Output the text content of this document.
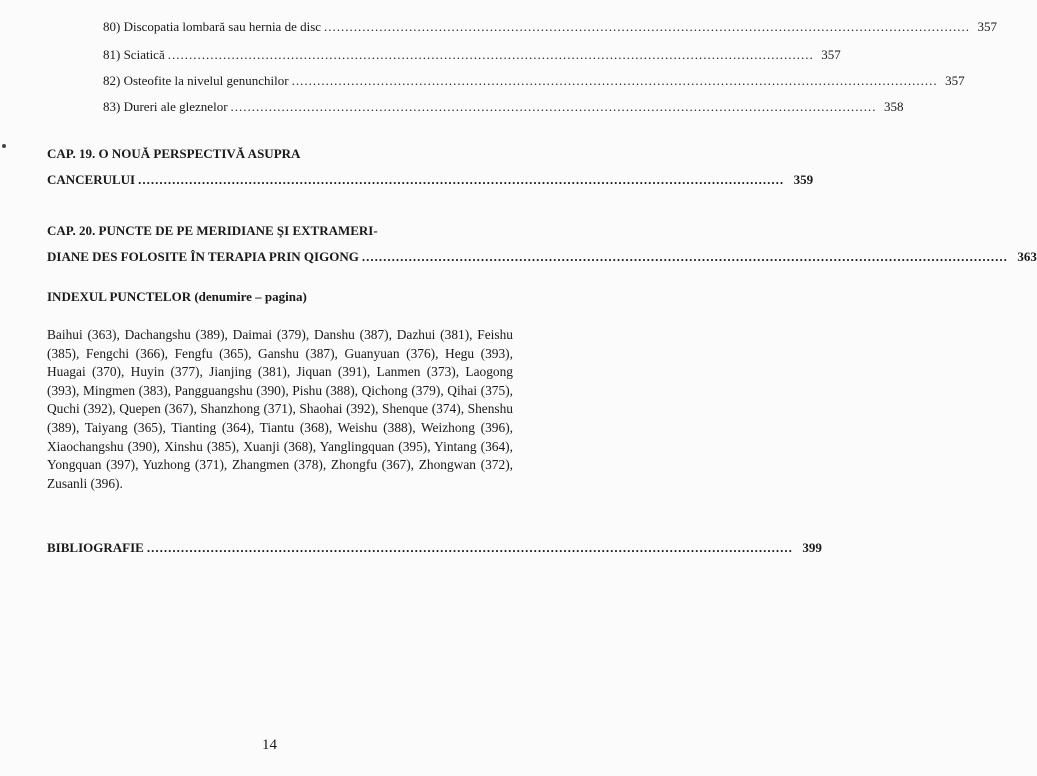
80) Discopatia lombară sau hernia de disc ........................................................................................................................................................ 357
81) Sciatică ........................................................................................................................................................ 357
82) Osteofite la nivelul genunchilor ........................................................................................................................................................ 357
83) Dureri ale gleznelor ........................................................................................................................................................ 358
CAP. 19. O NOUĂ PERSPECTIVĂ ASUPRA
CANCERULUI ........................................................................................................................................................ 359
CAP. 20. PUNCTE DE PE MERIDIANE ŞI EXTRAMERI-
DIANE DES FOLOSITE ÎN TERAPIA PRIN QIGONG ........................................................................................................................................................ 363
INDEXUL PUNCTELOR (denumire – pagina)
Baihui (363), Dachangshu (389), Daimai (379), Danshu (387), Dazhui (381), Feishu (385), Fengchi (366), Fengfu (365), Ganshu (387), Guanyuan (376), Hegu (393), Huagai (370), Huyin (377), Jianjing (381), Jiquan (391), Lanmen (373), Laogong (393), Mingmen (383), Pangguangshu (390), Pishu (388), Qichong (379), Qihai (375), Quchi (392), Quepen (367), Shanzhong (371), Shaohai (392), Shenque (374), Shenshu (389), Taiyang (365), Tianting (364), Tiantu (368), Weishu (388), Weizhong (396), Xiaochangshu (390), Xinshu (385), Xuanji (368), Yanglingquan (395), Yintang (364), Yongquan (397), Yuzhong (371), Zhangmen (378), Zhongfu (367), Zhongwan (372), Zusanli (396).
BIBLIOGRAFIE ........................................................................................................................................................ 399
14
